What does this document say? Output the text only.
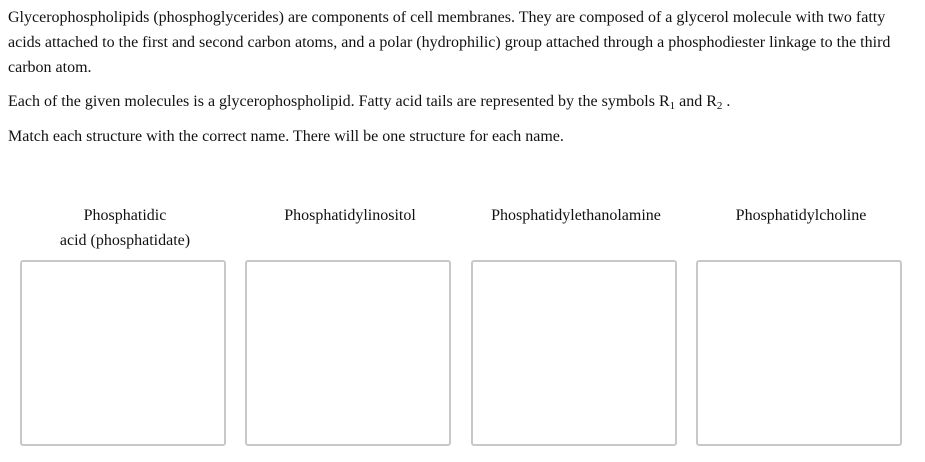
Glycerophospholipids (phosphoglycerides) are components of cell membranes. They are composed of a glycerol molecule with two fatty acids attached to the first and second carbon atoms, and a polar (hydrophilic) group attached through a phosphodiester linkage to the third carbon atom.

Each of the given molecules is a glycerophospholipid. Fatty acid tails are represented by the symbols $R_1$ and $R_2$ .

Match each structure with the correct name. There will be one structure for each name.

Phosphatidic
acid (phosphatidate)
Phosphatidylinositol	Phosphatidylethanolamine	Phosphatidylcholine
